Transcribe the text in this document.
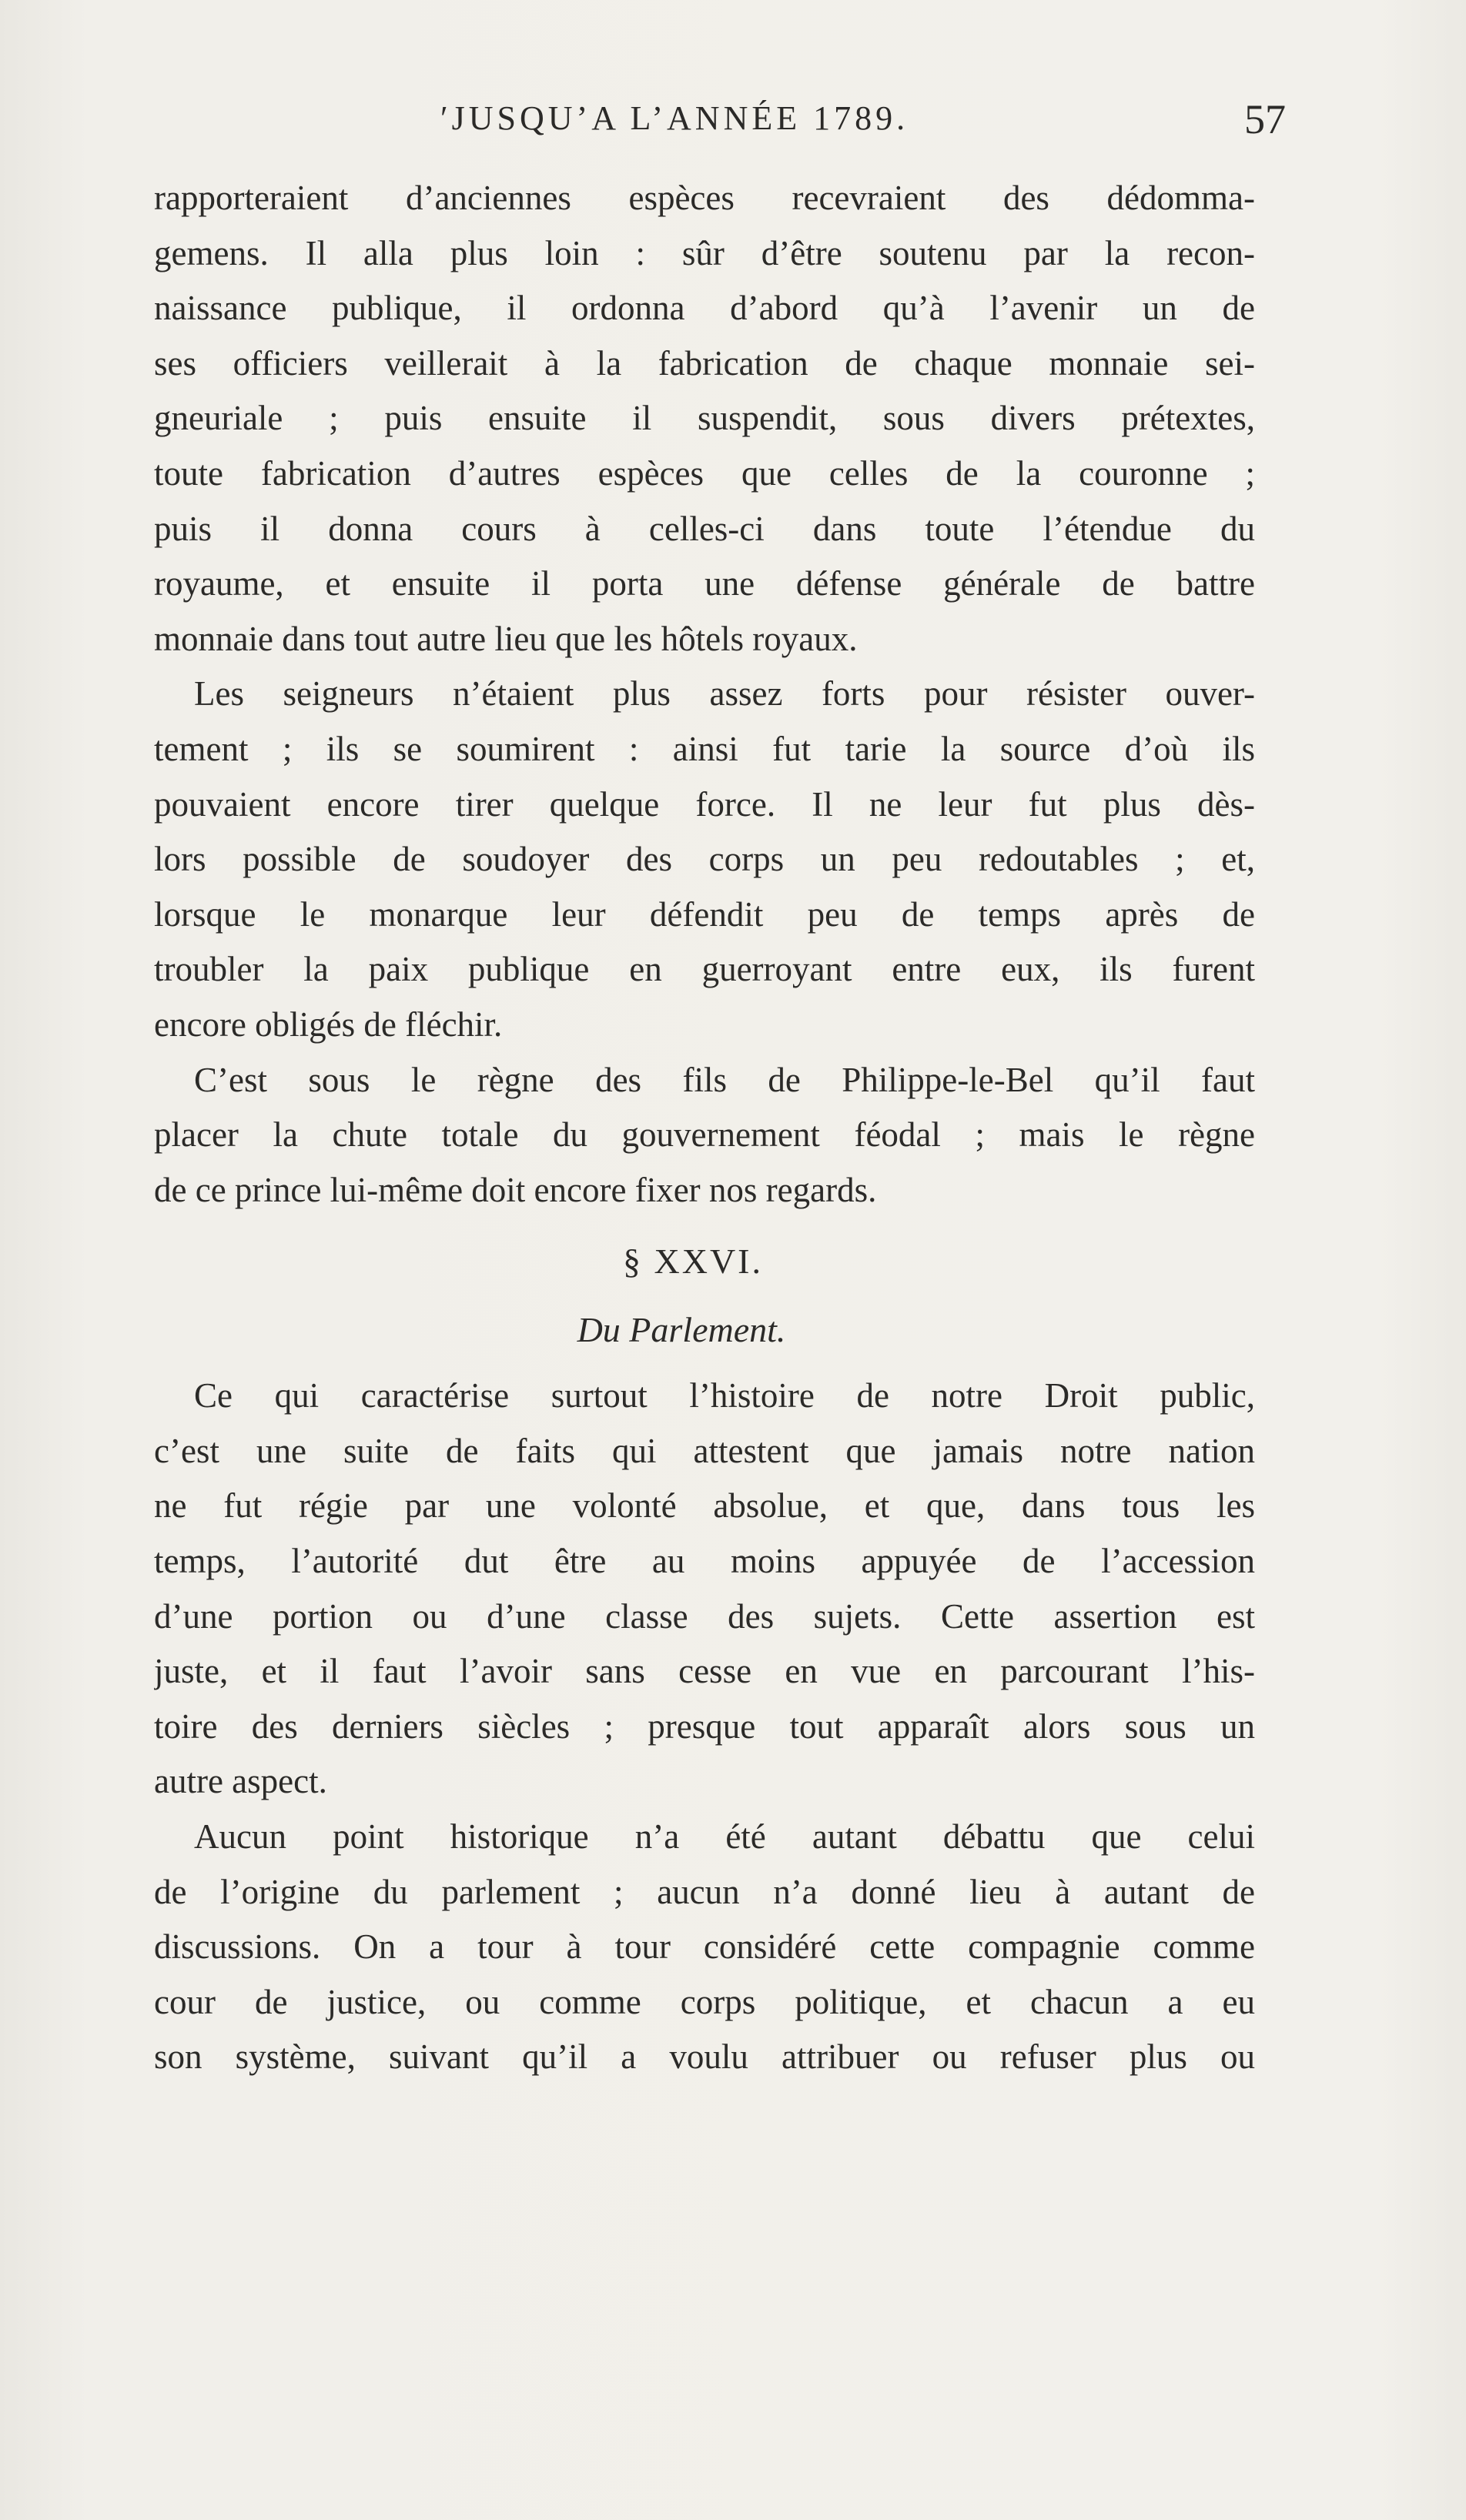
ʹJUSQU’A L’ANNÉE 1789.	57
rapporteraient d’anciennes espèces recevraient des dédomma-
gemens. Il alla plus loin : sûr d’être soutenu par la recon-
naissance publique, il ordonna d’abord qu’à l’avenir un de
ses officiers veillerait à la fabrication de chaque monnaie sei-
gneuriale ; puis ensuite il suspendit, sous divers prétextes,
toute fabrication d’autres espèces que celles de la couronne ;
puis il donna cours à celles-ci dans toute l’étendue du
royaume, et ensuite il porta une défense générale de battre
monnaie dans tout autre lieu que les hôtels royaux.
Les seigneurs n’étaient plus assez forts pour résister ouver-
tement ; ils se soumirent : ainsi fut tarie la source d’où ils
pouvaient encore tirer quelque force. Il ne leur fut plus dès-
lors possible de soudoyer des corps un peu redoutables ; et,
lorsque le monarque leur défendit peu de temps après de
troubler la paix publique en guerroyant entre eux, ils furent
encore obligés de fléchir.
C’est sous le règne des fils de Philippe-le-Bel qu’il faut
placer la chute totale du gouvernement féodal ; mais le règne
de ce prince lui-même doit encore fixer nos regards.
§ XXVI.
Du Parlement.
Ce qui caractérise surtout l’histoire de notre Droit public,
c’est une suite de faits qui attestent que jamais notre nation
ne fut régie par une volonté absolue, et que, dans tous les
temps, l’autorité dut être au moins appuyée de l’accession
d’une portion ou d’une classe des sujets. Cette assertion est
juste, et il faut l’avoir sans cesse en vue en parcourant l’his-
toire des derniers siècles ; presque tout apparaît alors sous un
autre aspect.
Aucun point historique n’a été autant débattu que celui
de l’origine du parlement ; aucun n’a donné lieu à autant de
discussions. On a tour à tour considéré cette compagnie comme
cour de justice, ou comme corps politique, et chacun a eu
son système, suivant qu’il a voulu attribuer ou refuser plus ou
